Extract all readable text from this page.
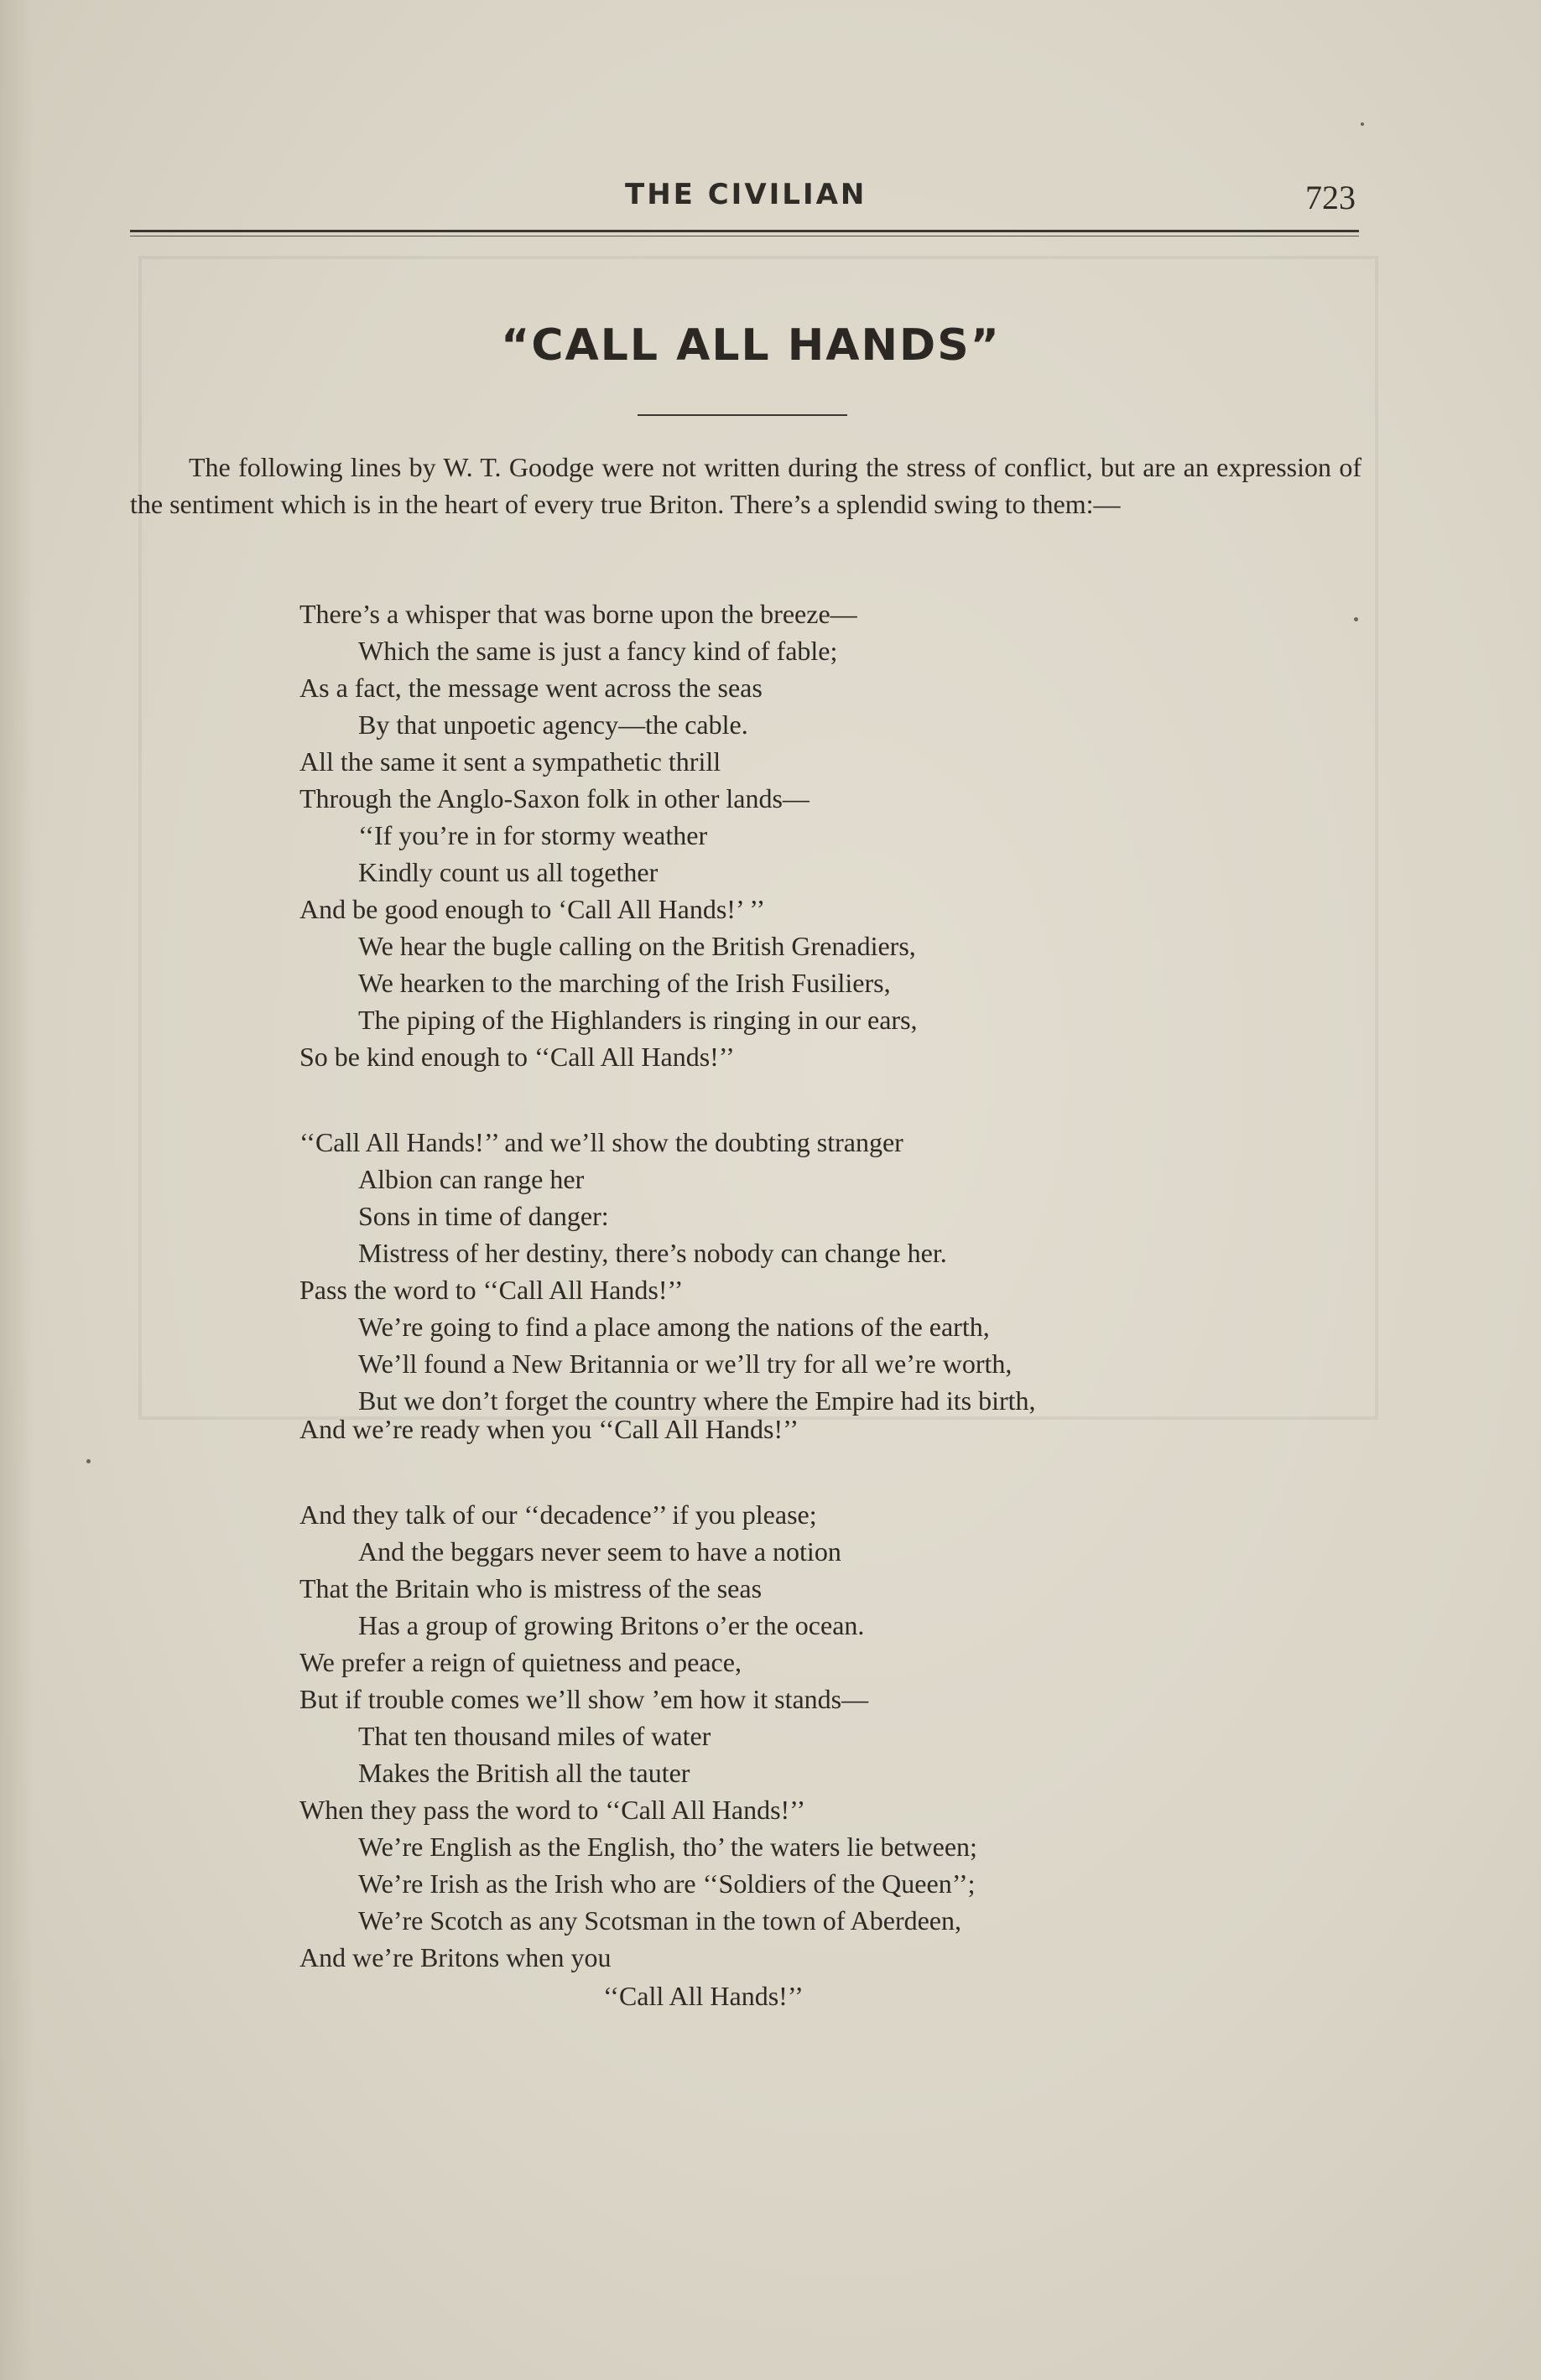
THE CIVILIAN	723
“CALL ALL HANDS”
The following lines by W. T. Goodge were not written during the stress of conflict, but are an expression of the sentiment which is in the heart of every true Briton. There’s a splendid swing to them:—
There’s a whisper that was borne upon the breeze—
Which the same is just a fancy kind of fable;
As a fact, the message went across the seas
By that unpoetic agency—the cable.
All the same it sent a sympathetic thrill
Through the Anglo-Saxon folk in other lands—
‘‘If you’re in for stormy weather
Kindly count us all together
And be good enough to ‘Call All Hands!’ ’’
We hear the bugle calling on the British Grenadiers,
We hearken to the marching of the Irish Fusiliers,
The piping of the Highlanders is ringing in our ears,
So be kind enough to ‘‘Call All Hands!’’
‘‘Call All Hands!’’ and we’ll show the doubting stranger
Albion can range her
Sons in time of danger:
Mistress of her destiny, there’s nobody can change her.
Pass the word to ‘‘Call All Hands!’’
We’re going to find a place among the nations of the earth,
We’ll found a New Britannia or we’ll try for all we’re worth,
But we don’t forget the country where the Empire had its birth,
And we’re ready when you ‘‘Call All Hands!’’
And they talk of our ‘‘decadence’’ if you please;
And the beggars never seem to have a notion
That the Britain who is mistress of the seas
Has a group of growing Britons o’er the ocean.
We prefer a reign of quietness and peace,
But if trouble comes we’ll show ’em how it stands—
That ten thousand miles of water
Makes the British all the tauter
When they pass the word to ‘‘Call All Hands!’’
We’re English as the English, tho’ the waters lie between;
We’re Irish as the Irish who are ‘‘Soldiers of the Queen’’;
We’re Scotch as any Scotsman in the town of Aberdeen,
And we’re Britons when you
‘‘Call All Hands!’’
